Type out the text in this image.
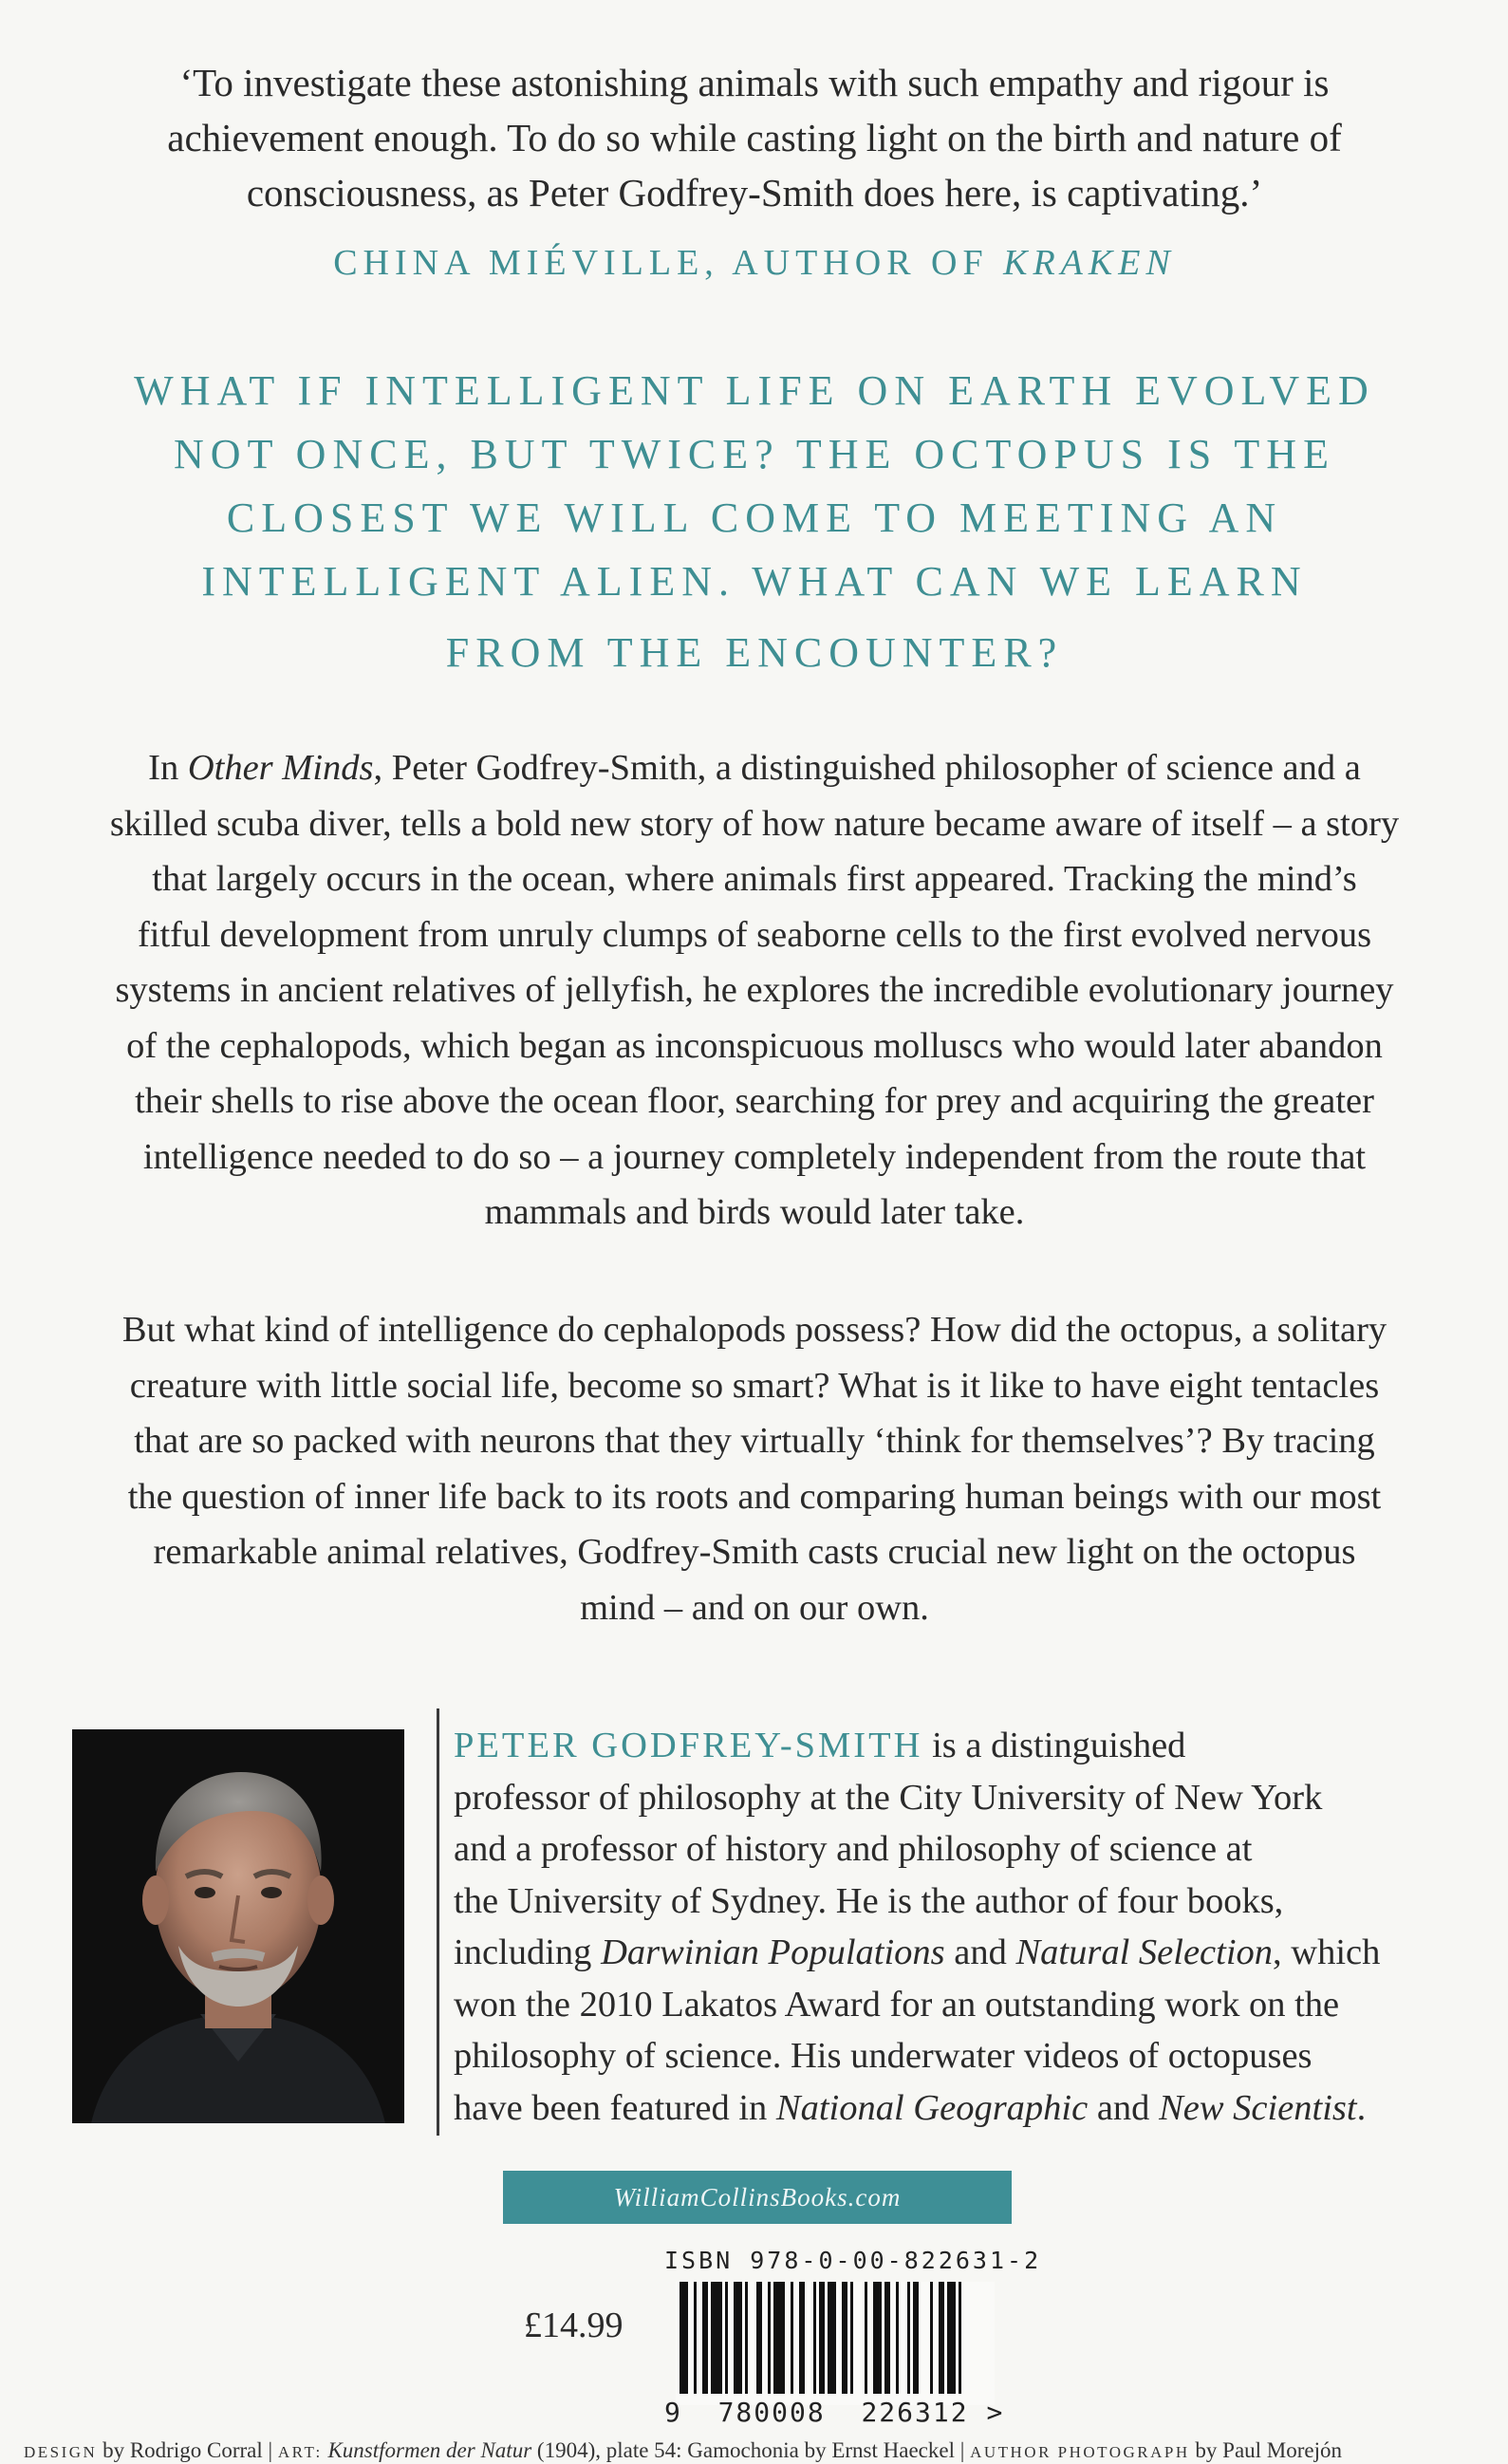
‘To investigate these astonishing animals with such empathy and rigour is
achievement enough. To do so while casting light on the birth and nature of
consciousness, as Peter Godfrey-Smith does here, is captivating.’
CHINA MIÉVILLE, AUTHOR OF KRAKEN
WHAT IF INTELLIGENT LIFE ON EARTH EVOLVED
NOT ONCE, BUT TWICE? THE OCTOPUS IS THE
CLOSEST WE WILL COME TO MEETING AN
INTELLIGENT ALIEN. WHAT CAN WE LEARN
FROM THE ENCOUNTER?
In Other Minds, Peter Godfrey-Smith, a distinguished philosopher of science and a
skilled scuba diver, tells a bold new story of how nature became aware of itself – a story
that largely occurs in the ocean, where animals first appeared. Tracking the mind’s
fitful development from unruly clumps of seaborne cells to the first evolved nervous
systems in ancient relatives of jellyfish, he explores the incredible evolutionary journey
of the cephalopods, which began as inconspicuous molluscs who would later abandon
their shells to rise above the ocean floor, searching for prey and acquiring the greater
intelligence needed to do so – a journey completely independent from the route that
mammals and birds would later take.
But what kind of intelligence do cephalopods possess? How did the octopus, a solitary
creature with little social life, become so smart? What is it like to have eight tentacles
that are so packed with neurons that they virtually ‘think for themselves’? By tracing
the question of inner life back to its roots and comparing human beings with our most
remarkable animal relatives, Godfrey-Smith casts crucial new light on the octopus
mind – and on our own.
PETER GODFREY-SMITH is a distinguished
professor of philosophy at the City University of New York
and a professor of history and philosophy of science at
the University of Sydney. He is the author of four books,
including Darwinian Populations and Natural Selection, which
won the 2010 Lakatos Award for an outstanding work on the
philosophy of science. His underwater videos of octopuses
have been featured in National Geographic and New Scientist.
WilliamCollinsBooks.com
ISBN 978-0-00-822631-2
£14.99
9 780008 226312 >
DESIGN by Rodrigo Corral | ART: Kunstformen der Natur (1904), plate 54: Gamochonia by Ernst Haeckel | AUTHOR PHOTOGRAPH by Paul Morejón
